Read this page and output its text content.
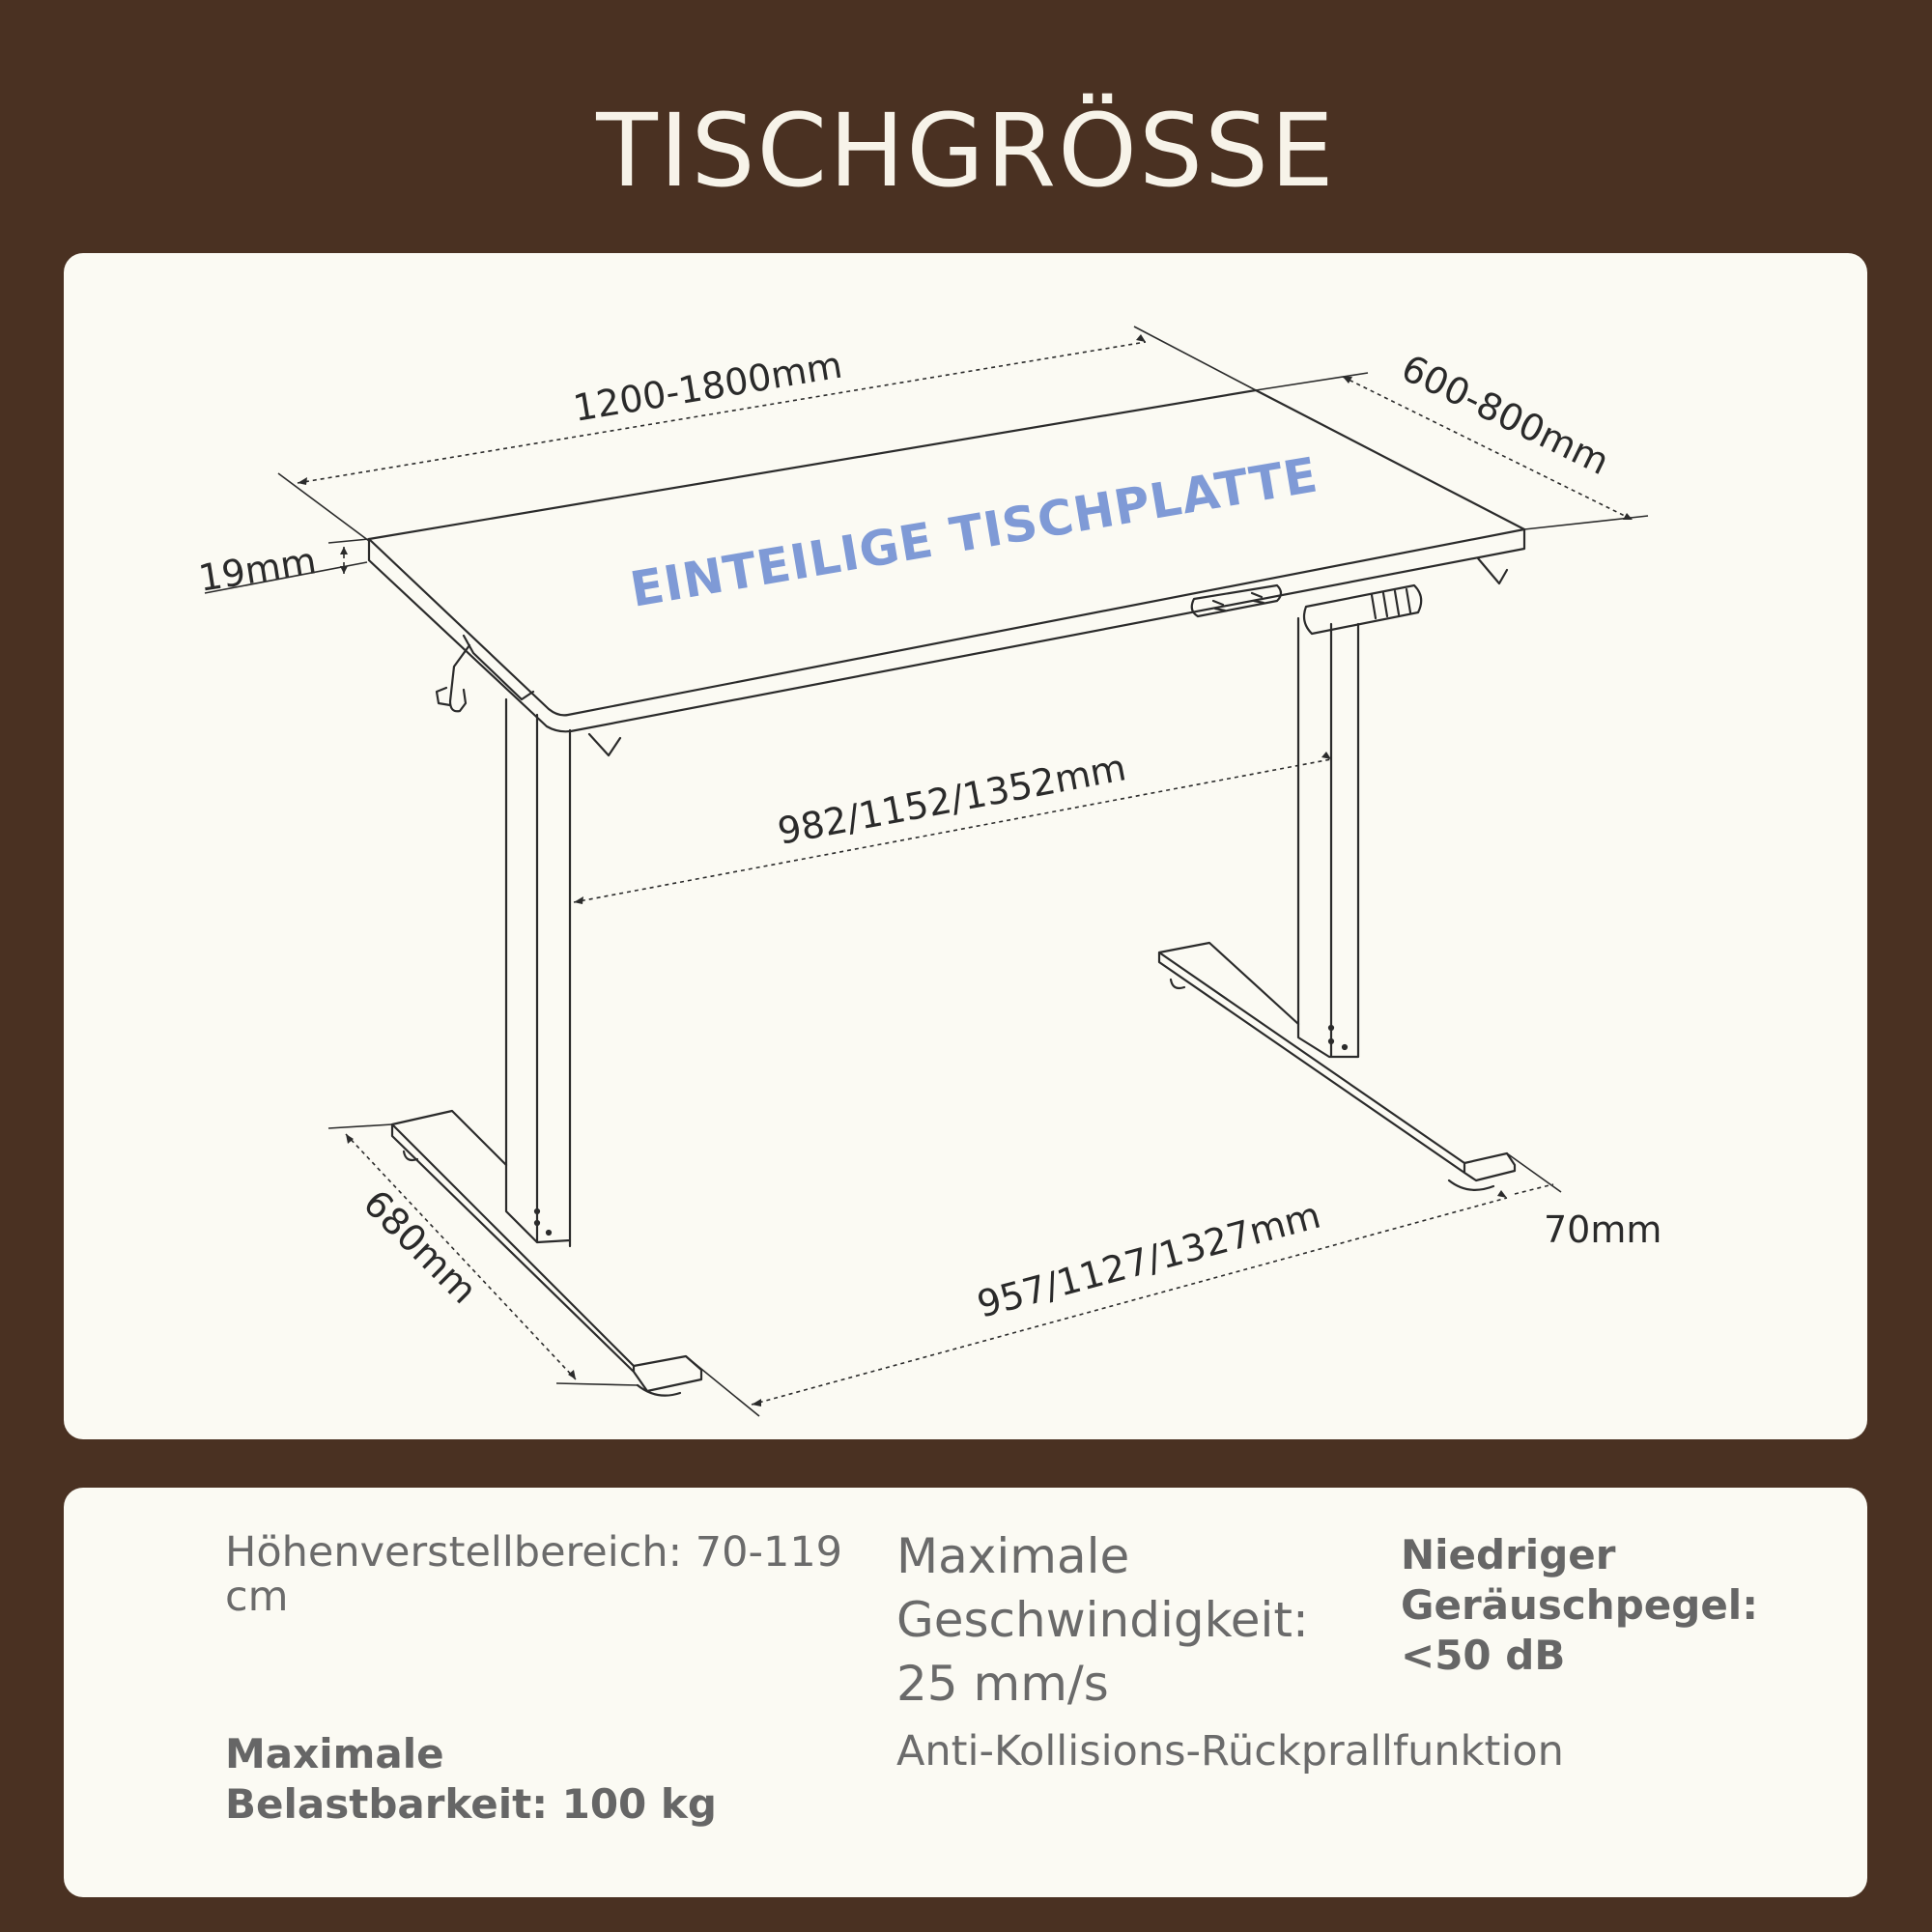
TISCHGRÖSSE
1200-1800mm	600-800mm
19mm
982/1152/1352mm
957/1127/1327mm
680mm	70mm
EINTEILIGE TISCHPLATTE
Höhenverstellbereich: 70-119 cm
Maximale
Geschwindigkeit:
25 mm/s
Niedriger
Geräuschpegel:
<50 dB
Maximale
Belastbarkeit: 100 kg
Anti-Kollisions-Rückprallfunktion
